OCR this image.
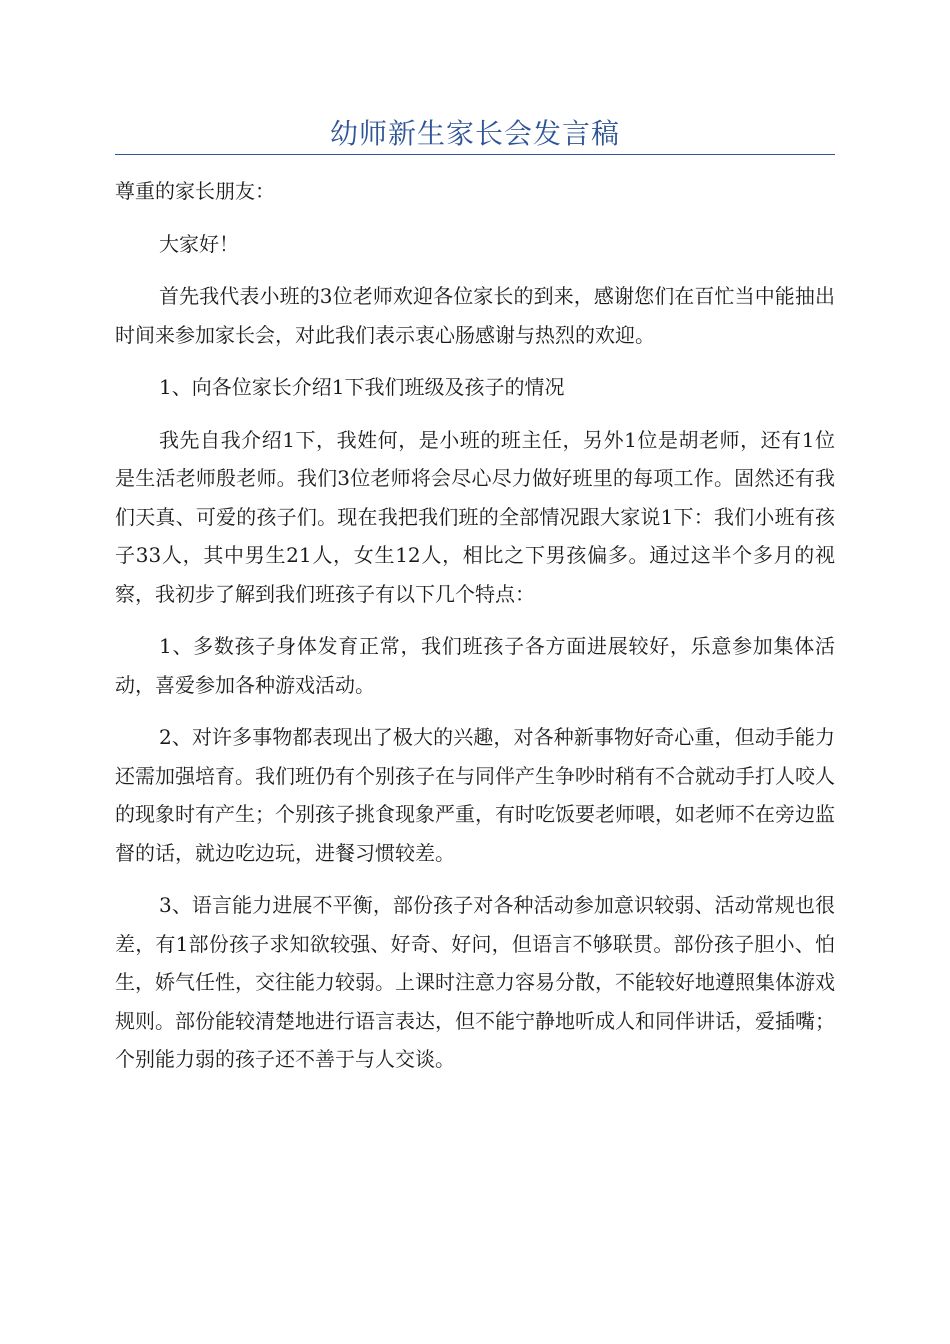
幼师新生家长会发言稿

尊重的家长朋友：

大家好！

首先我代表小班的3位老师欢迎各位家长的到来，感谢您们在百忙当中能抽出时间来参加家长会，对此我们表示衷心肠感谢与热烈的欢迎。

1、向各位家长介绍1下我们班级及孩子的情况

我先自我介绍1下，我姓何，是小班的班主任，另外1位是胡老师，还有1位是生活老师殷老师。我们3位老师将会尽心尽力做好班里的每项工作。固然还有我们天真、可爱的孩子们。现在我把我们班的全部情况跟大家说1下：我们小班有孩子33人，其中男生21人，女生12人，相比之下男孩偏多。通过这半个多月的视察，我初步了解到我们班孩子有以下几个特点：

1、多数孩子身体发育正常，我们班孩子各方面进展较好，乐意参加集体活动，喜爱参加各种游戏活动。

2、对许多事物都表现出了极大的兴趣，对各种新事物好奇心重，但动手能力还需加强培育。我们班仍有个别孩子在与同伴产生争吵时稍有不合就动手打人咬人的现象时有产生；个别孩子挑食现象严重，有时吃饭要老师喂，如老师不在旁边监督的话，就边吃边玩，进餐习惯较差。

3、语言能力进展不平衡，部份孩子对各种活动参加意识较弱、活动常规也很差，有1部份孩子求知欲较强、好奇、好问，但语言不够联贯。部份孩子胆小、怕生，娇气任性，交往能力较弱。上课时注意力容易分散，不能较好地遵照集体游戏规则。部份能较清楚地进行语言表达，但不能宁静地听成人和同伴讲话，爱插嘴；个别能力弱的孩子还不善于与人交谈。
